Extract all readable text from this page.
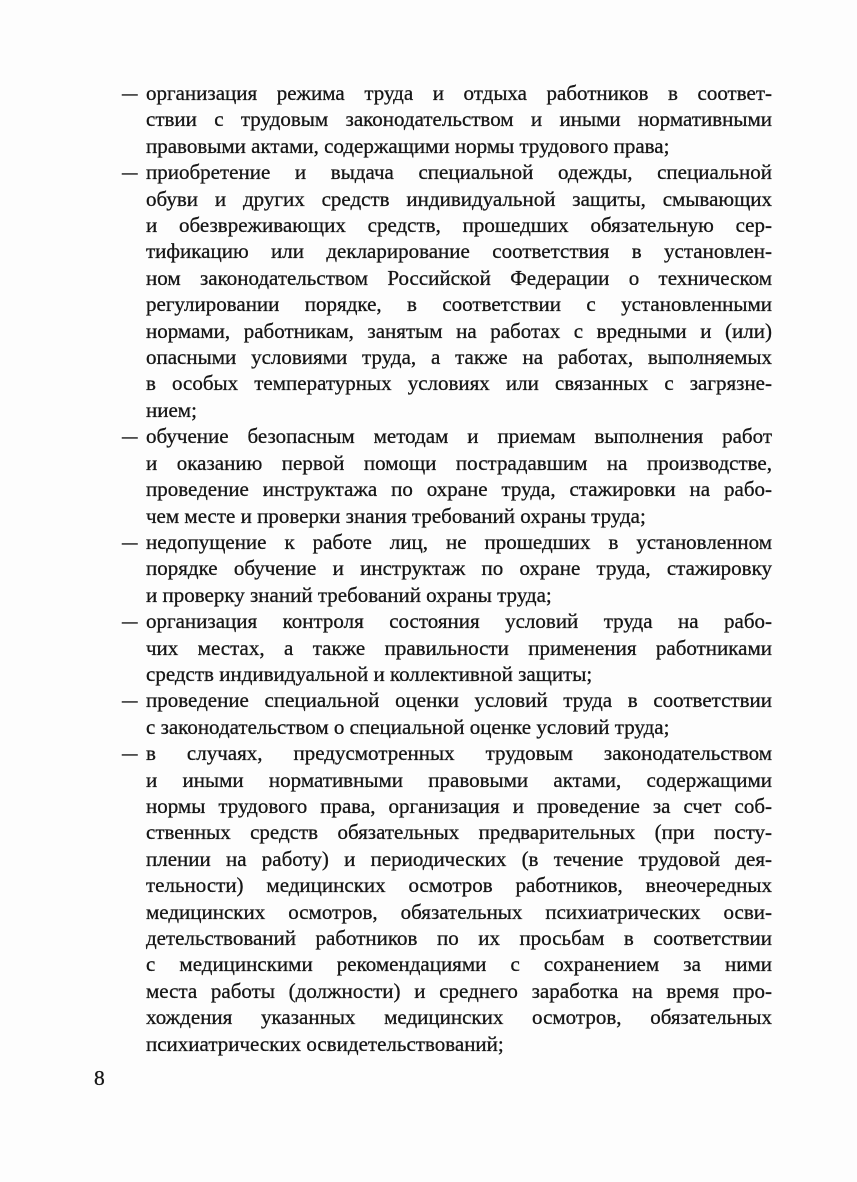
— организация режима труда и отдыха работников в соответ-
ствии с трудовым законодательством и иными нормативными
правовыми актами, содержащими нормы трудового права;
— приобретение и выдача специальной одежды, специальной
обуви и других средств индивидуальной защиты, смывающих
и обезвреживающих средств, прошедших обязательную сер-
тификацию или декларирование соответствия в установлен-
ном законодательством Российской Федерации о техническом
регулировании порядке, в соответствии с установленными
нормами, работникам, занятым на работах с вредными и (или)
опасными условиями труда, а также на работах, выполняемых
в особых температурных условиях или связанных с загрязне-
нием;
— обучение безопасным методам и приемам выполнения работ
и оказанию первой помощи пострадавшим на производстве,
проведение инструктажа по охране труда, стажировки на рабо-
чем месте и проверки знания требований охраны труда;
— недопущение к работе лиц, не прошедших в установленном
порядке обучение и инструктаж по охране труда, стажировку
и проверку знаний требований охраны труда;
— организация контроля состояния условий труда на рабо-
чих местах, а также правильности применения работниками
средств индивидуальной и коллективной защиты;
— проведение специальной оценки условий труда в соответствии
с законодательством о специальной оценке условий труда;
— в случаях, предусмотренных трудовым законодательством
и иными нормативными правовыми актами, содержащими
нормы трудового права, организация и проведение за счет соб-
ственных средств обязательных предварительных (при посту-
плении на работу) и периодических (в течение трудовой дея-
тельности) медицинских осмотров работников, внеочередных
медицинских осмотров, обязательных психиатрических осви-
детельствований работников по их просьбам в соответствии
с медицинскими рекомендациями с сохранением за ними
места работы (должности) и среднего заработка на время про-
хождения указанных медицинских осмотров, обязательных
психиатрических освидетельствований;
8
